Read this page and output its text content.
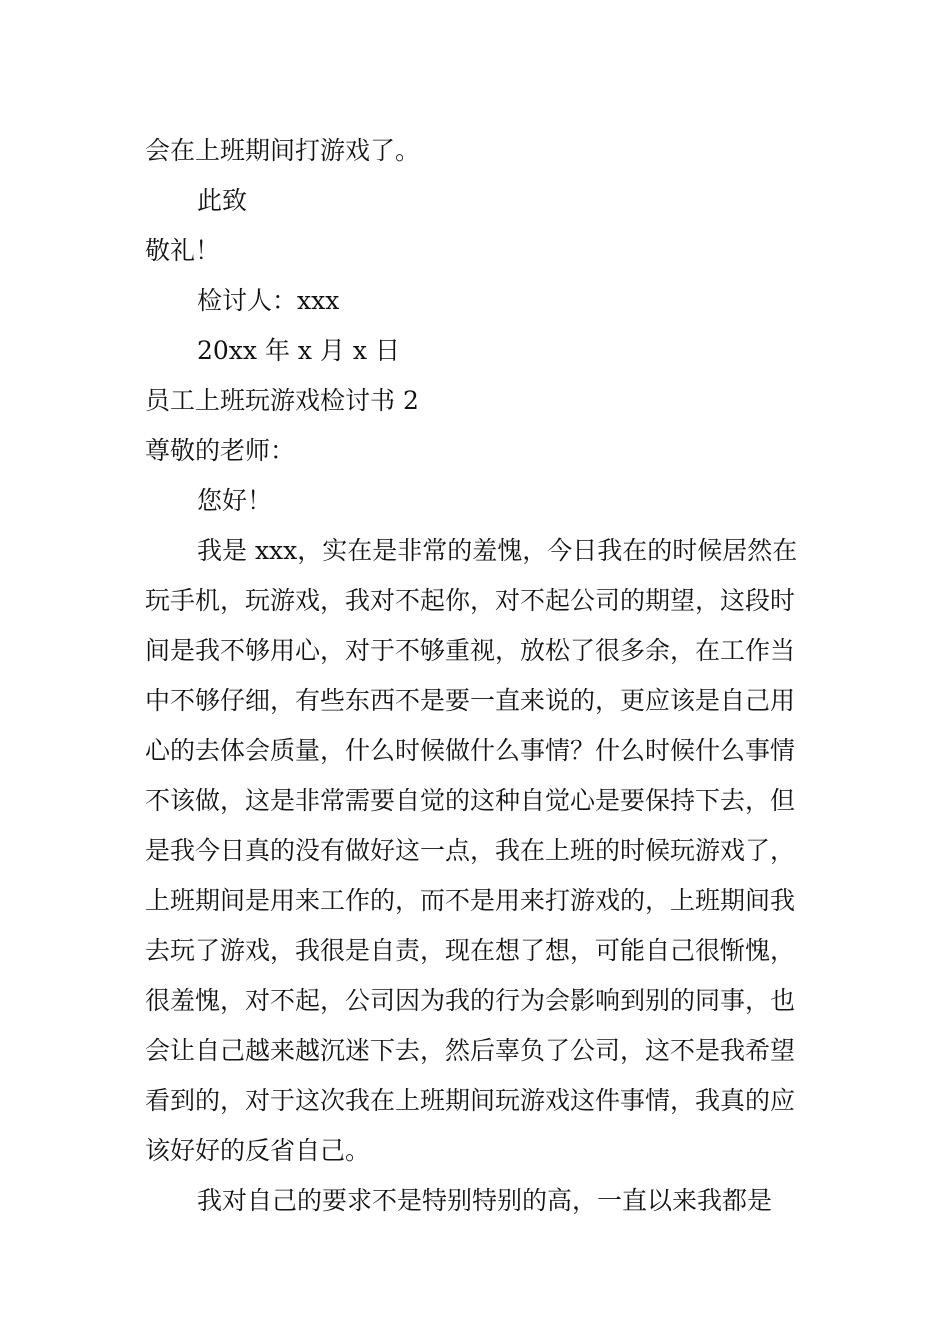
会在上班期间打游戏了。

此致

敬礼！

检讨人：xxx

20xx 年 x 月 x 日

员工上班玩游戏检讨书 2

尊敬的老师：

您好！

我是 xxx，实在是非常的羞愧，今日我在的时候居然在玩手机，玩游戏，我对不起你，对不起公司的期望，这段时间是我不够用心，对于不够重视，放松了很多余，在工作当中不够仔细，有些东西不是要一直来说的，更应该是自己用心的去体会质量，什么时候做什么事情？什么时候什么事情不该做，这是非常需要自觉的这种自觉心是要保持下去，但是我今日真的没有做好这一点，我在上班的时候玩游戏了，上班期间是用来工作的，而不是用来打游戏的，上班期间我去玩了游戏，我很是自责，现在想了想，可能自己很惭愧，很羞愧，对不起，公司因为我的行为会影响到别的同事，也会让自己越来越沉迷下去，然后辜负了公司，这不是我希望看到的，对于这次我在上班期间玩游戏这件事情，我真的应该好好的反省自己。

我对自己的要求不是特别特别的高，一直以来我都是
